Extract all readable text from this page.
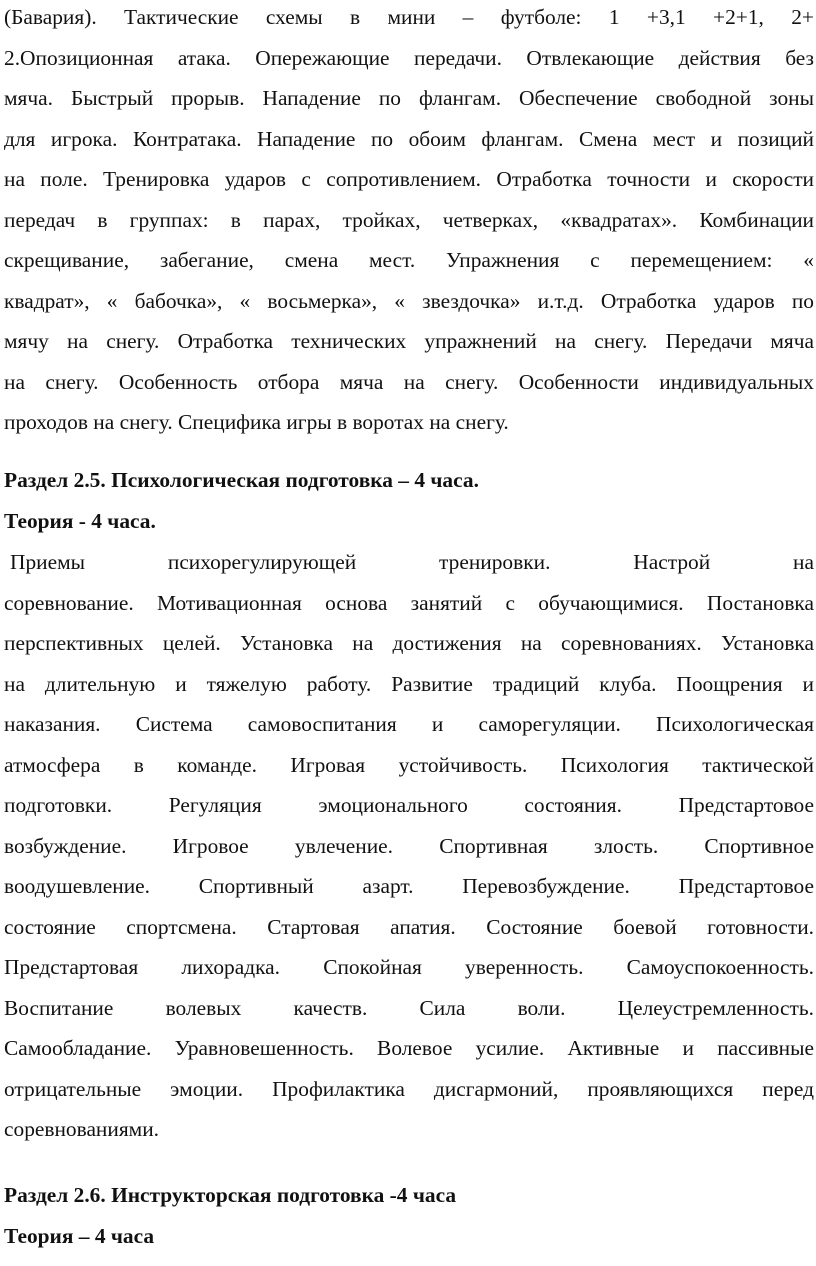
(Бавария). Тактические схемы в мини – футболе: 1 +3,1 +2+1, 2+

2.Опозиционная атака. Опережающие передачи. Отвлекающие действия без

мяча. Быстрый прорыв. Нападение по флангам. Обеспечение свободной зоны

для игрока. Контратака. Нападение по обоим флангам. Смена мест и позиций

на поле. Тренировка ударов с сопротивлением. Отработка точности и скорости

передач в группах: в парах, тройках, четверках, «квадратах». Комбинации

скрещивание, забегание, смена мест. Упражнения с перемещением: «

квадрат», « бабочка», « восьмерка», « звездочка» и.т.д. Отработка ударов по

мячу на снегу. Отработка технических упражнений на снегу. Передачи мяча

на снегу. Особенность отбора мяча на снегу. Особенности индивидуальных

проходов на снегу. Специфика игры в воротах на снегу.

Раздел 2.5. Психологическая подготовка – 4 часа.

Теория - 4 часа.

Приемы психорегулирующей тренировки. Настрой на

соревнование. Мотивационная основа занятий с обучающимися. Постановка

перспективных целей. Установка на достижения на соревнованиях. Установка

на длительную и тяжелую работу. Развитие традиций клуба. Поощрения и

наказания. Система самовоспитания и саморегуляции. Психологическая

атмосфера в команде. Игровая устойчивость. Психология тактической

подготовки. Регуляция эмоционального состояния. Предстартовое

возбуждение. Игровое увлечение. Спортивная злость. Спортивное

воодушевление. Спортивный азарт. Перевозбуждение. Предстартовое

состояние спортсмена. Стартовая апатия. Состояние боевой готовности.

Предстартовая лихорадка. Спокойная уверенность. Самоуспокоенность.

Воспитание волевых качеств. Сила воли. Целеустремленность.

Самообладание. Уравновешенность. Волевое усилие. Активные и пассивные

отрицательные эмоции. Профилактика дисгармоний, проявляющихся перед

соревнованиями.

Раздел 2.6. Инструкторская подготовка -4 часа

Теория – 4 часа
